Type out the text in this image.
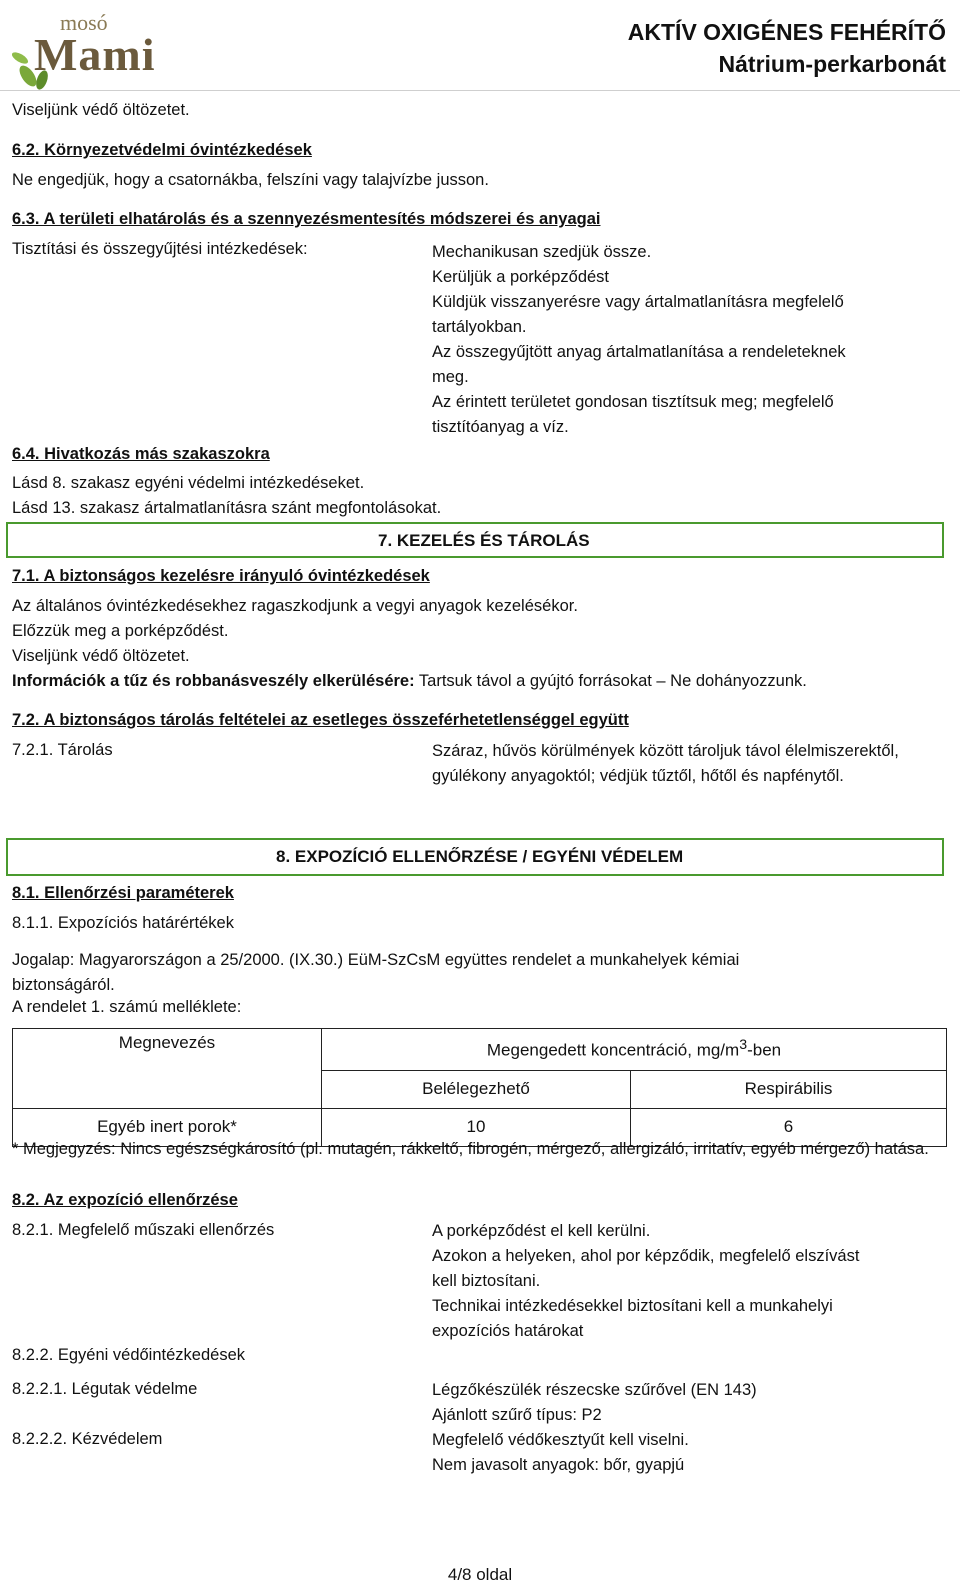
mosó
Mami	AKTÍV OXIGÉNES FEHÉRÍTŐ
Nátrium-perkarbonát
Viseljünk védő öltözetet.
6.2. Környezetvédelmi óvintézkedések
Ne engedjük, hogy a csatornákba, felszíni vagy talajvízbe jusson.
6.3. A területi elhatárolás és a szennyezésmentesítés módszerei és anyagai
Tisztítási és összegyűjtési intézkedések:	Mechanikusan szedjük össze.
Kerüljük a porképződést
Küldjük visszanyerésre vagy ártalmatlanításra megfelelő
tartályokban.
Az összegyűjtött anyag ártalmatlanítása a rendeleteknek
meg.
Az érintett területet gondosan tisztítsuk meg; megfelelő
tisztítóanyag a víz.
6.4. Hivatkozás más szakaszokra
Lásd 8. szakasz egyéni védelmi intézkedéseket.
Lásd 13. szakasz ártalmatlanításra szánt megfontolásokat.
7. KEZELÉS ÉS TÁROLÁS
7.1. A biztonságos kezelésre irányuló óvintézkedések
Az általános óvintézkedésekhez ragaszkodjunk a vegyi anyagok kezelésékor.
Előzzük meg a porképződést.
Viseljünk védő öltözetet.
Információk a tűz és robbanásveszély elkerülésére: Tartsuk távol a gyújtó forrásokat – Ne dohányozzunk.
7.2. A biztonságos tárolás feltételei az esetleges összeférhetetlenséggel együtt
7.2.1. Tárolás	Száraz, hűvös körülmények között tároljuk távol élelmiszerektől, gyúlékony anyagoktól; védjük tűztől, hőtől és napfénytől.
8. EXPOZÍCIÓ ELLENŐRZÉSE / EGYÉNI VÉDELEM
8.1. Ellenőrzési paraméterek
8.1.1. Expozíciós határértékek
Jogalap: Magyarországon a 25/2000. (IX.30.) EüM-SzCsM együttes rendelet a munkahelyek kémiai biztonságáról.
A rendelet 1. számú melléklete:
Megnevezés	Megengedett koncentráció, $mg/m^3$-ben	
	Belélegezhető	Respirábilis
Egyéb inert porok*	10	6
* Megjegyzés: Nincs egészségkárosító (pl. mutagén, rákkeltő, fibrogén, mérgező, allergizáló, irritatív, egyéb mérgező) hatása.
8.2. Az expozíció ellenőrzése
8.2.1. Megfelelő műszaki ellenőrzés	A porképződést el kell kerülni.
Azokon a helyeken, ahol por képződik, megfelelő elszívást
kell biztosítani.
Technikai intézkedésekkel biztosítani kell a munkahelyi
expozíciós határokat
8.2.2. Egyéni védőintézkedések
8.2.2.1. Légutak védelme	Légzőkészülék részecske szűrővel (EN 143)
Ajánlott szűrő típus: P2
8.2.2.2. Kézvédelem	Megfelelő védőkesztyűt kell viselni.
Nem javasolt anyagok: bőr, gyapjú
4/8 oldal
